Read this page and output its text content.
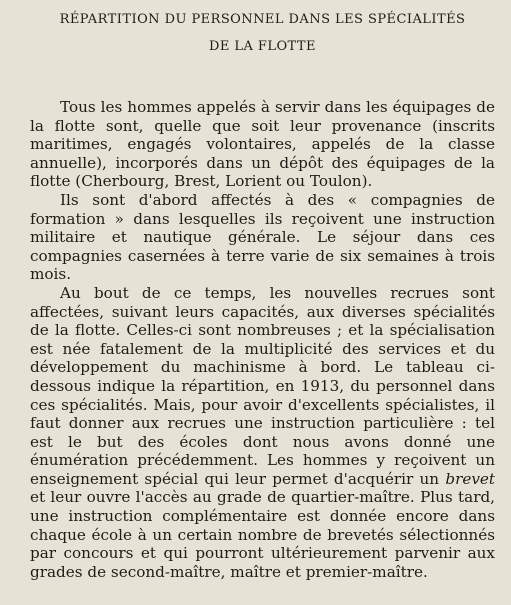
RÉPARTITION DU PERSONNEL DANS LES SPÉCIALITÉS
DE LA FLOTTE

Tous les hommes appelés à servir dans les équipages de la flotte sont, quelle que soit leur provenance (inscrits maritimes, engagés volontaires, appelés de la classe annuelle), incorporés dans un dépôt des équipages de la flotte (Cherbourg, Brest, Lorient ou Toulon).

Ils sont d'abord affectés à des « compagnies de formation » dans lesquelles ils reçoivent une instruction militaire et nautique générale. Le séjour dans ces compagnies casernées à terre varie de six semaines à trois mois.

Au bout de ce temps, les nouvelles recrues sont affectées, suivant leurs capacités, aux diverses spécialités de la flotte. Celles-ci sont nombreuses ; et la spécialisation est née fatalement de la multiplicité des services et du développement du machinisme à bord. Le tableau ci-dessous indique la répartition, en 1913, du personnel dans ces spécialités. Mais, pour avoir d'excellents spécialistes, il faut donner aux recrues une instruction particulière : tel est le but des écoles dont nous avons donné une énumération précédemment. Les hommes y reçoivent un enseignement spécial qui leur permet d'acquérir un brevet et leur ouvre l'accès au grade de quartier-maître. Plus tard, une instruction complémentaire est donnée encore dans chaque école à un certain nombre de brevetés sélectionnés par concours et qui pourront ultérieurement parvenir aux grades de second-maître, maître et premier-maître.
